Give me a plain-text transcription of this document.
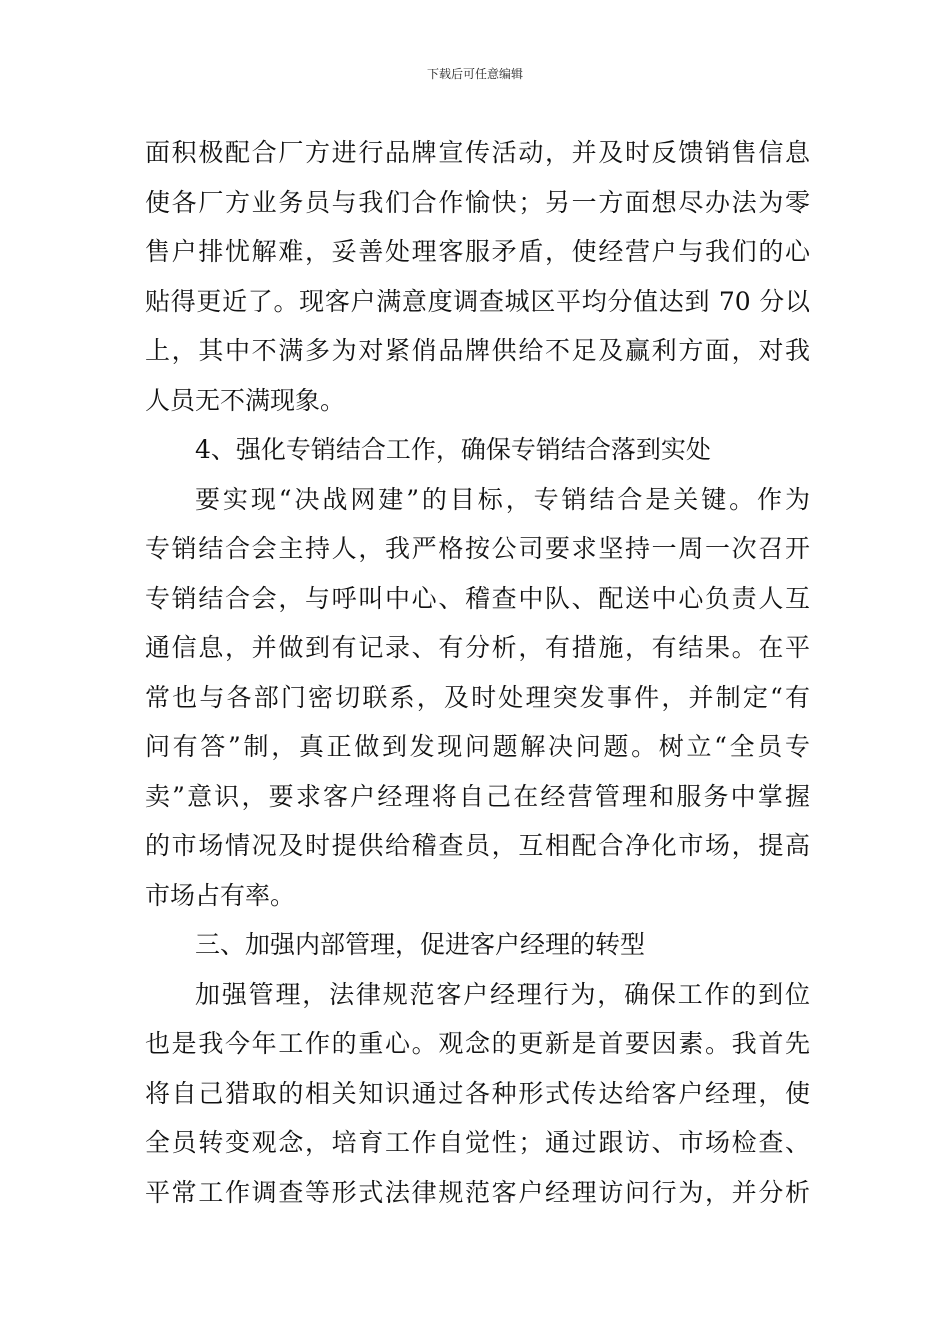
下载后可任意编辑
面积极配合厂方进行品牌宣传活动，并及时反馈销售信息
使各厂方业务员与我们合作愉快；另一方面想尽办法为零
售户排忧解难，妥善处理客服矛盾，使经营户与我们的心
贴得更近了。现客户满意度调查城区平均分值达到 70 分以
上，其中不满多为对紧俏品牌供给不足及赢利方面，对我
人员无不满现象。
4、强化专销结合工作，确保专销结合落到实处
要实现“决战网建”的目标，专销结合是关键。作为
专销结合会主持人，我严格按公司要求坚持一周一次召开
专销结合会，与呼叫中心、稽查中队、配送中心负责人互
通信息，并做到有记录、有分析，有措施，有结果。在平
常也与各部门密切联系，及时处理突发事件，并制定“有
问有答”制，真正做到发现问题解决问题。树立“全员专
卖”意识，要求客户经理将自己在经营管理和服务中掌握
的市场情况及时提供给稽查员，互相配合净化市场，提高
市场占有率。
三、加强内部管理，促进客户经理的转型
加强管理，法律规范客户经理行为，确保工作的到位
也是我今年工作的重心。观念的更新是首要因素。我首先
将自己猎取的相关知识通过各种形式传达给客户经理，使
全员转变观念，培育工作自觉性；通过跟访、市场检查、
平常工作调查等形式法律规范客户经理访问行为，并分析
